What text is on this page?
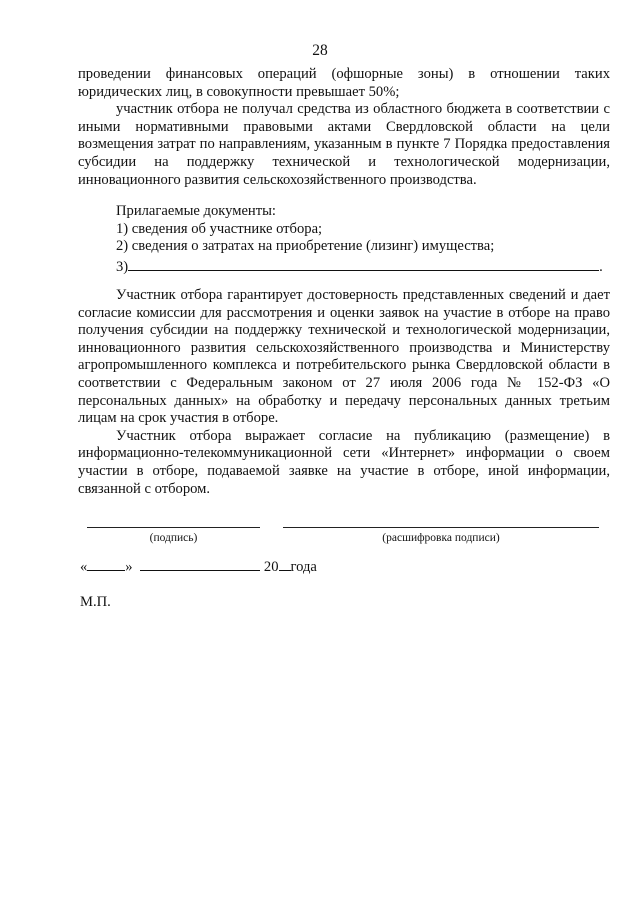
28

проведении финансовых операций (офшорные зоны) в отношении таких юридических лиц, в совокупности превышает 50%;

участник отбора не получал средства из областного бюджета в соответствии с иными нормативными правовыми актами Свердловской области на цели возмещения затрат по направлениям, указанным в пункте 7 Порядка предоставления субсидии на поддержку технической и технологической модернизации, инновационного развития сельскохозяйственного производства.

Прилагаемые документы:

1) сведения об участнике отбора;

2) сведения о затратах на приобретение (лизинг) имущества;

3)	.

Участник отбора гарантирует достоверность представленных сведений и дает согласие комиссии для рассмотрения и оценки заявок на участие в отборе на право получения субсидии на поддержку технической и технологической модернизации, инновационного развития сельскохозяйственного производства и Министерству агропромышленного комплекса и потребительского рынка Свердловской области в соответствии с Федеральным законом от 27 июля 2006 года № 152-ФЗ «О персональных данных» на обработку и передачу персональных данных третьим лицам на срок участия в отборе.

Участник отбора выражает согласие на публикацию (размещение) в информационно-телекоммуникационной сети «Интернет» информации о своем участии в отборе, подаваемой заявке на участие в отборе, иной информации, связанной с отбором.

(подпись)	(расшифровка подписи)
«	»	20 года
М.П.
